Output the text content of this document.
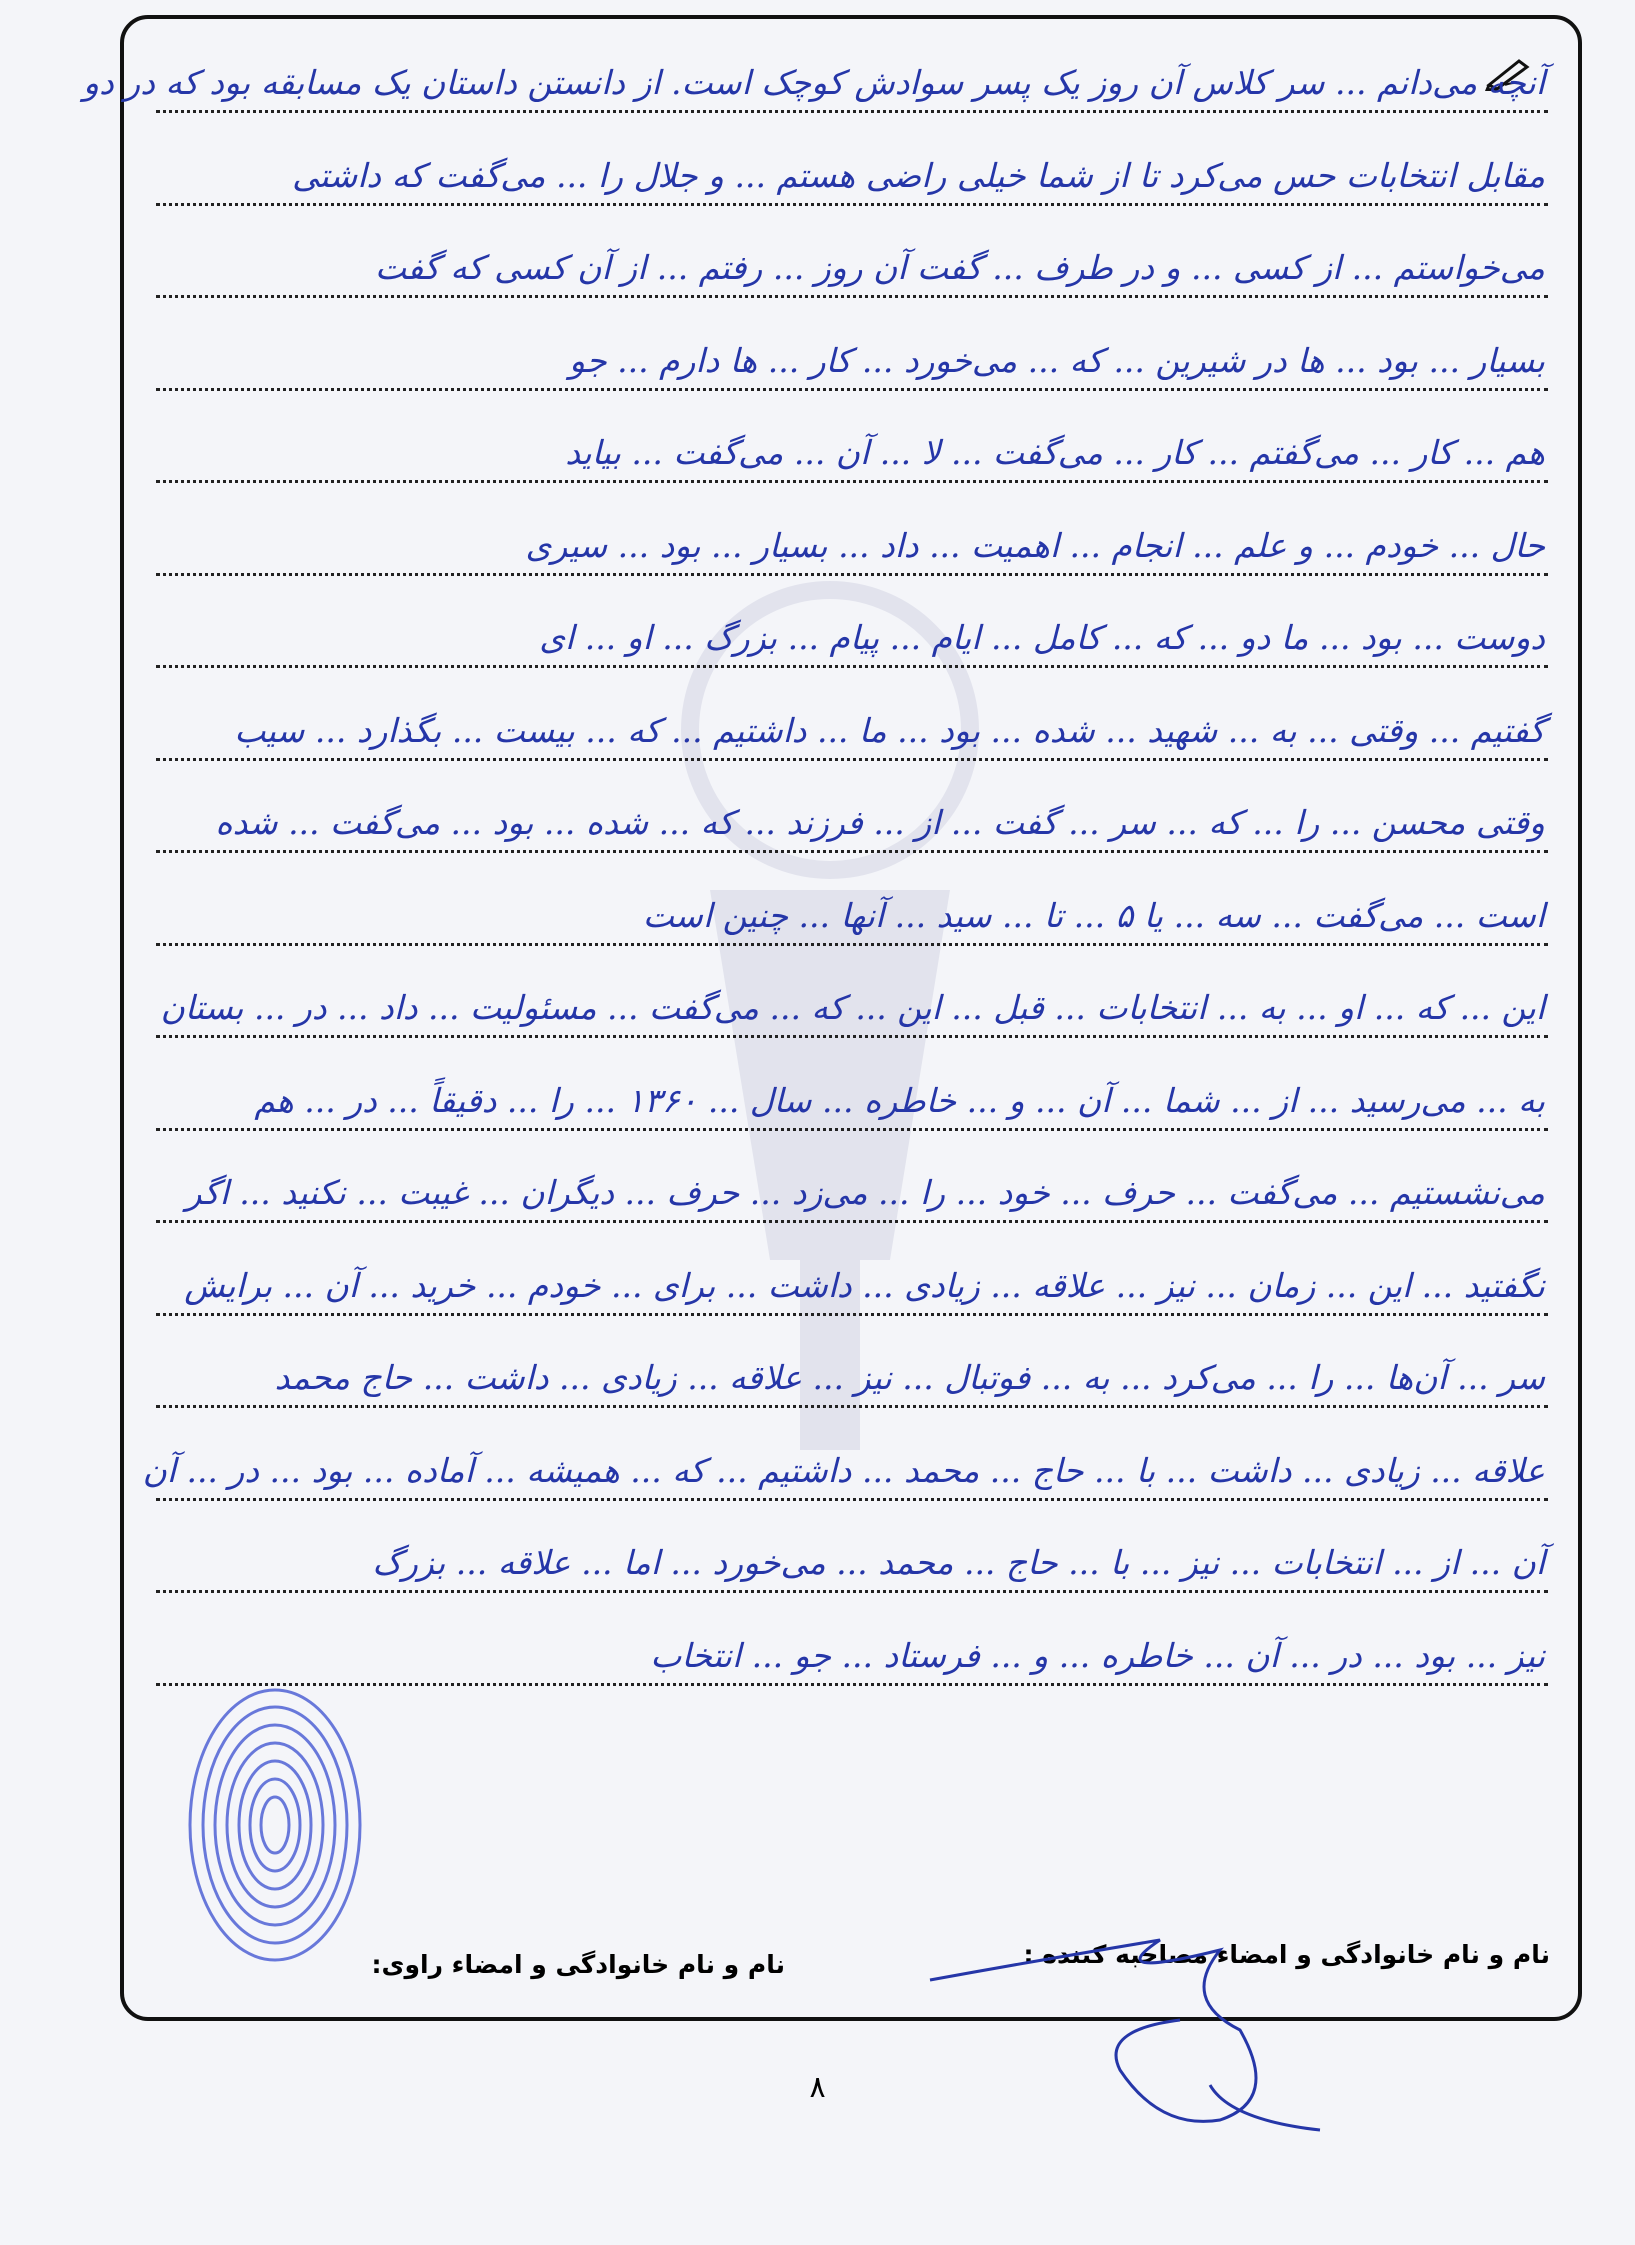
آنچه می‌دانم ... سر کلاس آن روز یک پسر سوادش کوچک است. از دانستن داستان یک مسابقه بود که در دو
مقابل انتخابات حس می‌کرد تا از شما خیلی راضی هستم ... و جلال را ... می‌گفت که داشتی
می‌خواستم ... از کسی ... و در طرف ... گفت آن روز ... رفتم ... از آن کسی که گفت
بسیار ... بود ... ها در شیرین ... که ... می‌خورد ... کار ... ها دارم ... جو
هم ... کار ... می‌گفتم ... کار ... می‌گفت ... لا ... آن ... می‌گفت ... بیاید
حال ... خودم ... و علم ... انجام ... اهمیت ... داد ... بسیار ... بود ... سیری
دوست ... بود ... ما دو ... که ... کامل ... ایام ... پیام ... بزرگ ... او ... ای
گفتیم ... وقتی ... به ... شهید ... شده ... بود ... ما ... داشتیم ... که ... بیست ... بگذارد ... سیب
وقتی محسن ... را ... که ... سر ... گفت ... از ... فرزند ... که ... شده ... بود ... می‌گفت ... شده
است ... می‌گفت ... سه ... یا ۵ ... تا ... سید ... آنها ... چنین است
این ... که ... او ... به ... انتخابات ... قبل ... این ... که ... می‌گفت ... مسئولیت ... داد ... در ... بستان
به ... می‌رسید ... از ... شما ... آن ... و ... خاطره ... سال ... ۱۳۶۰ ... را ... دقیقاً ... در ... هم
می‌نشستیم ... می‌گفت ... حرف ... خود ... را ... می‌زد ... حرف ... دیگران ... غیبت ... نکنید ... اگر
نگفتید ... این ... زمان ... نیز ... علاقه ... زیادی ... داشت ... برای ... خودم ... خرید ... آن ... برایش
سر ... آن‌ها ... را ... می‌کرد ... به ... فوتبال ... نیز ... علاقه ... زیادی ... داشت ... حاج محمد
علاقه ... زیادی ... داشت ... با ... حاج ... محمد ... داشتیم ... که ... همیشه ... آماده ... بود ... در ... آن
آن ... از ... انتخابات ... نیز ... با ... حاج ... محمد ... می‌خورد ... اما ... علاقه ... بزرگ
نیز ... بود ... در ... آن ... خاطره ... و ... فرستاد ... جو ... انتخاب
نام و نام خانوادگی و امضاء مصاحبه کننده :
نام و نام خانوادگی و امضاء راوی:
۸
